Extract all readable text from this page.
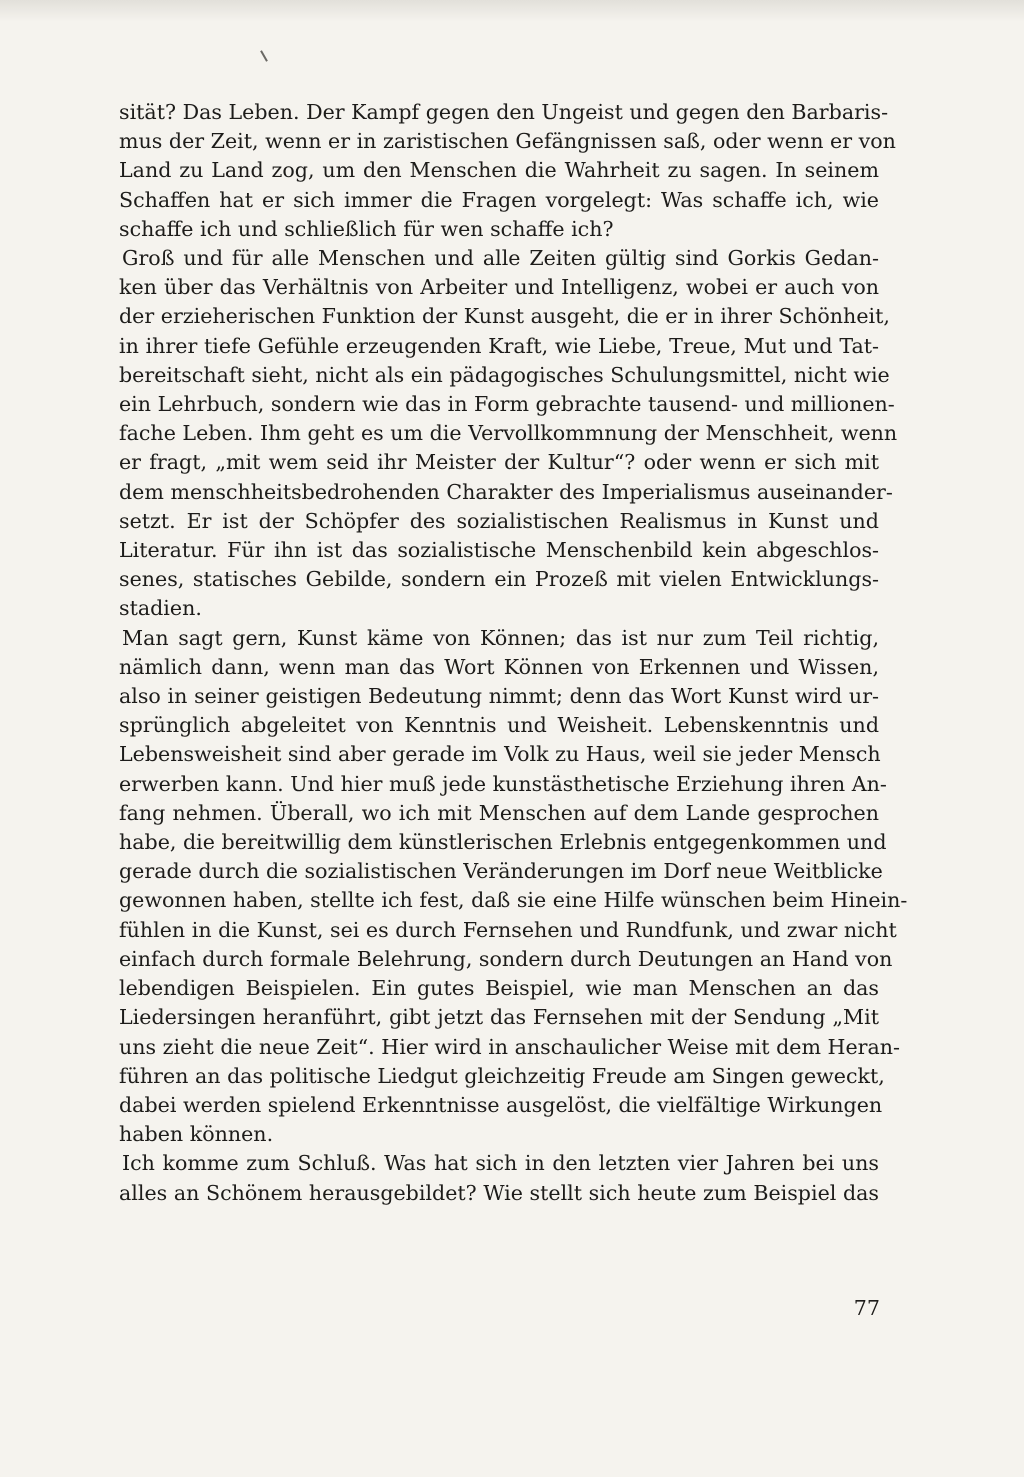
sität? Das Leben. Der Kampf gegen den Ungeist und gegen den Barbaris-
mus der Zeit, wenn er in zaristischen Gefängnissen saß, oder wenn er von
Land zu Land zog, um den Menschen die Wahrheit zu sagen. In seinem
Schaffen hat er sich immer die Fragen vorgelegt: Was schaffe ich, wie
schaffe ich und schließlich für wen schaffe ich?
Groß und für alle Menschen und alle Zeiten gültig sind Gorkis Gedan-
ken über das Verhältnis von Arbeiter und Intelligenz, wobei er auch von
der erzieherischen Funktion der Kunst ausgeht, die er in ihrer Schönheit,
in ihrer tiefe Gefühle erzeugenden Kraft, wie Liebe, Treue, Mut und Tat-
bereitschaft sieht, nicht als ein pädagogisches Schulungsmittel, nicht wie
ein Lehrbuch, sondern wie das in Form gebrachte tausend- und millionen-
fache Leben. Ihm geht es um die Vervollkommnung der Menschheit, wenn
er fragt, „mit wem seid ihr Meister der Kultur“? oder wenn er sich mit
dem menschheitsbedrohenden Charakter des Imperialismus auseinander-
setzt. Er ist der Schöpfer des sozialistischen Realismus in Kunst und
Literatur. Für ihn ist das sozialistische Menschenbild kein abgeschlos-
senes, statisches Gebilde, sondern ein Prozeß mit vielen Entwicklungs-
stadien.
Man sagt gern, Kunst käme von Können; das ist nur zum Teil richtig,
nämlich dann, wenn man das Wort Können von Erkennen und Wissen,
also in seiner geistigen Bedeutung nimmt; denn das Wort Kunst wird ur-
sprünglich abgeleitet von Kenntnis und Weisheit. Lebenskenntnis und
Lebensweisheit sind aber gerade im Volk zu Haus, weil sie jeder Mensch
erwerben kann. Und hier muß jede kunstästhetische Erziehung ihren An-
fang nehmen. Überall, wo ich mit Menschen auf dem Lande gesprochen
habe, die bereitwillig dem künstlerischen Erlebnis entgegenkommen und
gerade durch die sozialistischen Veränderungen im Dorf neue Weitblicke
gewonnen haben, stellte ich fest, daß sie eine Hilfe wünschen beim Hinein-
fühlen in die Kunst, sei es durch Fernsehen und Rundfunk, und zwar nicht
einfach durch formale Belehrung, sondern durch Deutungen an Hand von
lebendigen Beispielen. Ein gutes Beispiel, wie man Menschen an das
Liedersingen heranführt, gibt jetzt das Fernsehen mit der Sendung „Mit
uns zieht die neue Zeit“. Hier wird in anschaulicher Weise mit dem Heran-
führen an das politische Liedgut gleichzeitig Freude am Singen geweckt,
dabei werden spielend Erkenntnisse ausgelöst, die vielfältige Wirkungen
haben können.
Ich komme zum Schluß. Was hat sich in den letzten vier Jahren bei uns
alles an Schönem herausgebildet? Wie stellt sich heute zum Beispiel das
77
